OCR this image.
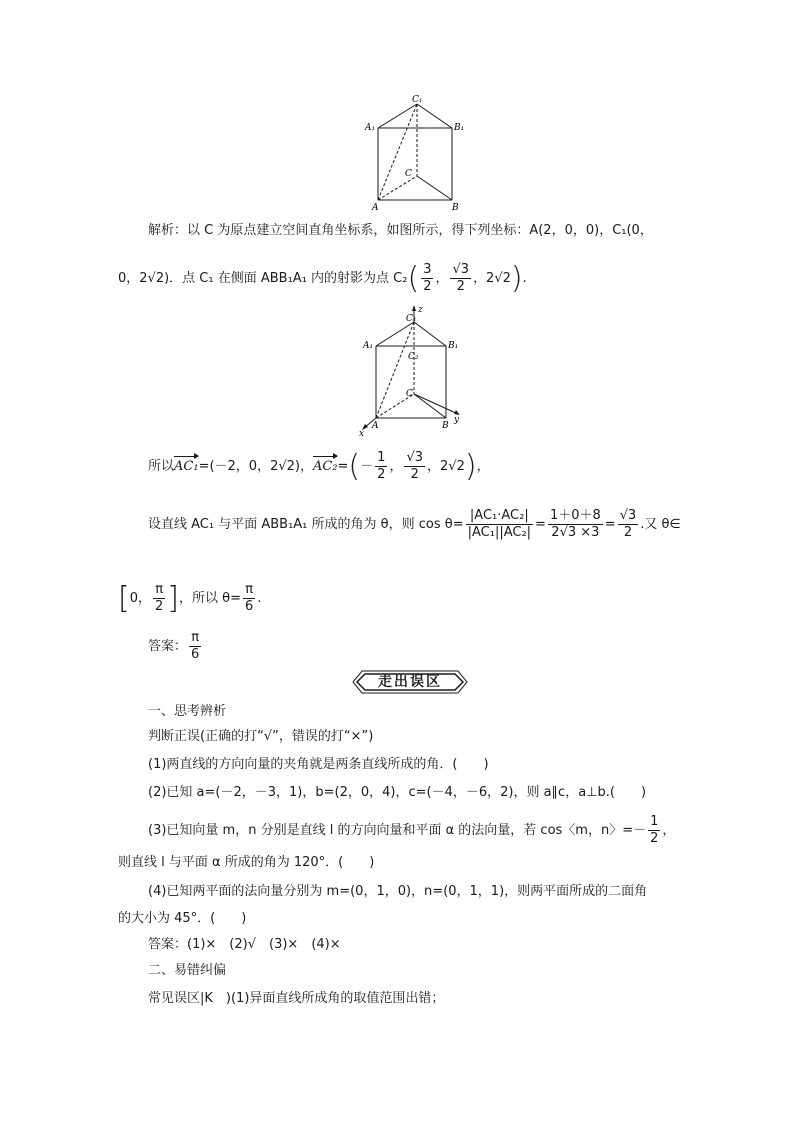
C₁
A₁	B₁
C
A	B
解析：以 C 为原点建立空间直角坐标系，如图所示，得下列坐标：A(2，0，0)，C₁(0，
0，2√2)．点 C₁ 在侧面 ABB₁A₁ 内的射影为点 $C_2( \frac{3}{2}$ ， $\frac{√3}{2}$ ，2√2).
z
C₁
A₁	B₁
C₂
C
A	B
y
x
所以AC₁=(－2，0，2√2)，$AC_2=(- \frac{1}{2}$ ， $\frac{√3}{2}$ ，2√2)，
设直线 AC₁ 与平面 ABB₁A₁ 所成的角为 θ，则 $\cos \theta= \frac{\text{|AC₁·AC₂|}}{\text{|AC₁||AC₂|}} = \frac{1+0+8}{2√3 \times 3} = \frac{√3}{2}$ .又 θ∈
[0， $\frac{\pi}{2}$ ]，所以 $\theta= \frac{\pi}{6}$ .
答案： $\frac{\pi}{6}$
走出误区
一、思考辨析
判断正误(正确的打“√”，错误的打“×”)
(1)两直线的方向向量的夹角就是两条直线所成的角．(　　)
(2)已知 a=(－2，－3，1)，b=(2，0，4)，c=(－4，－6，2)，则 a∥c，a⊥b.(　　)
(3)已知向量 m，n 分别是直线 l 的方向向量和平面 α 的法向量，若 cos〈m，n〉=－ $\frac{1}{2}$ ，
则直线 l 与平面 α 所成的角为 120°．(　　)
(4)已知两平面的法向量分别为 m=(0，1，0)，n=(0，1，1)，则两平面所成的二面角
的大小为 45°．(　　)
答案：(1)×　(2)√　(3)×　(4)×
二、易错纠偏
常见误区|K　)(1)异面直线所成角的取值范围出错；
